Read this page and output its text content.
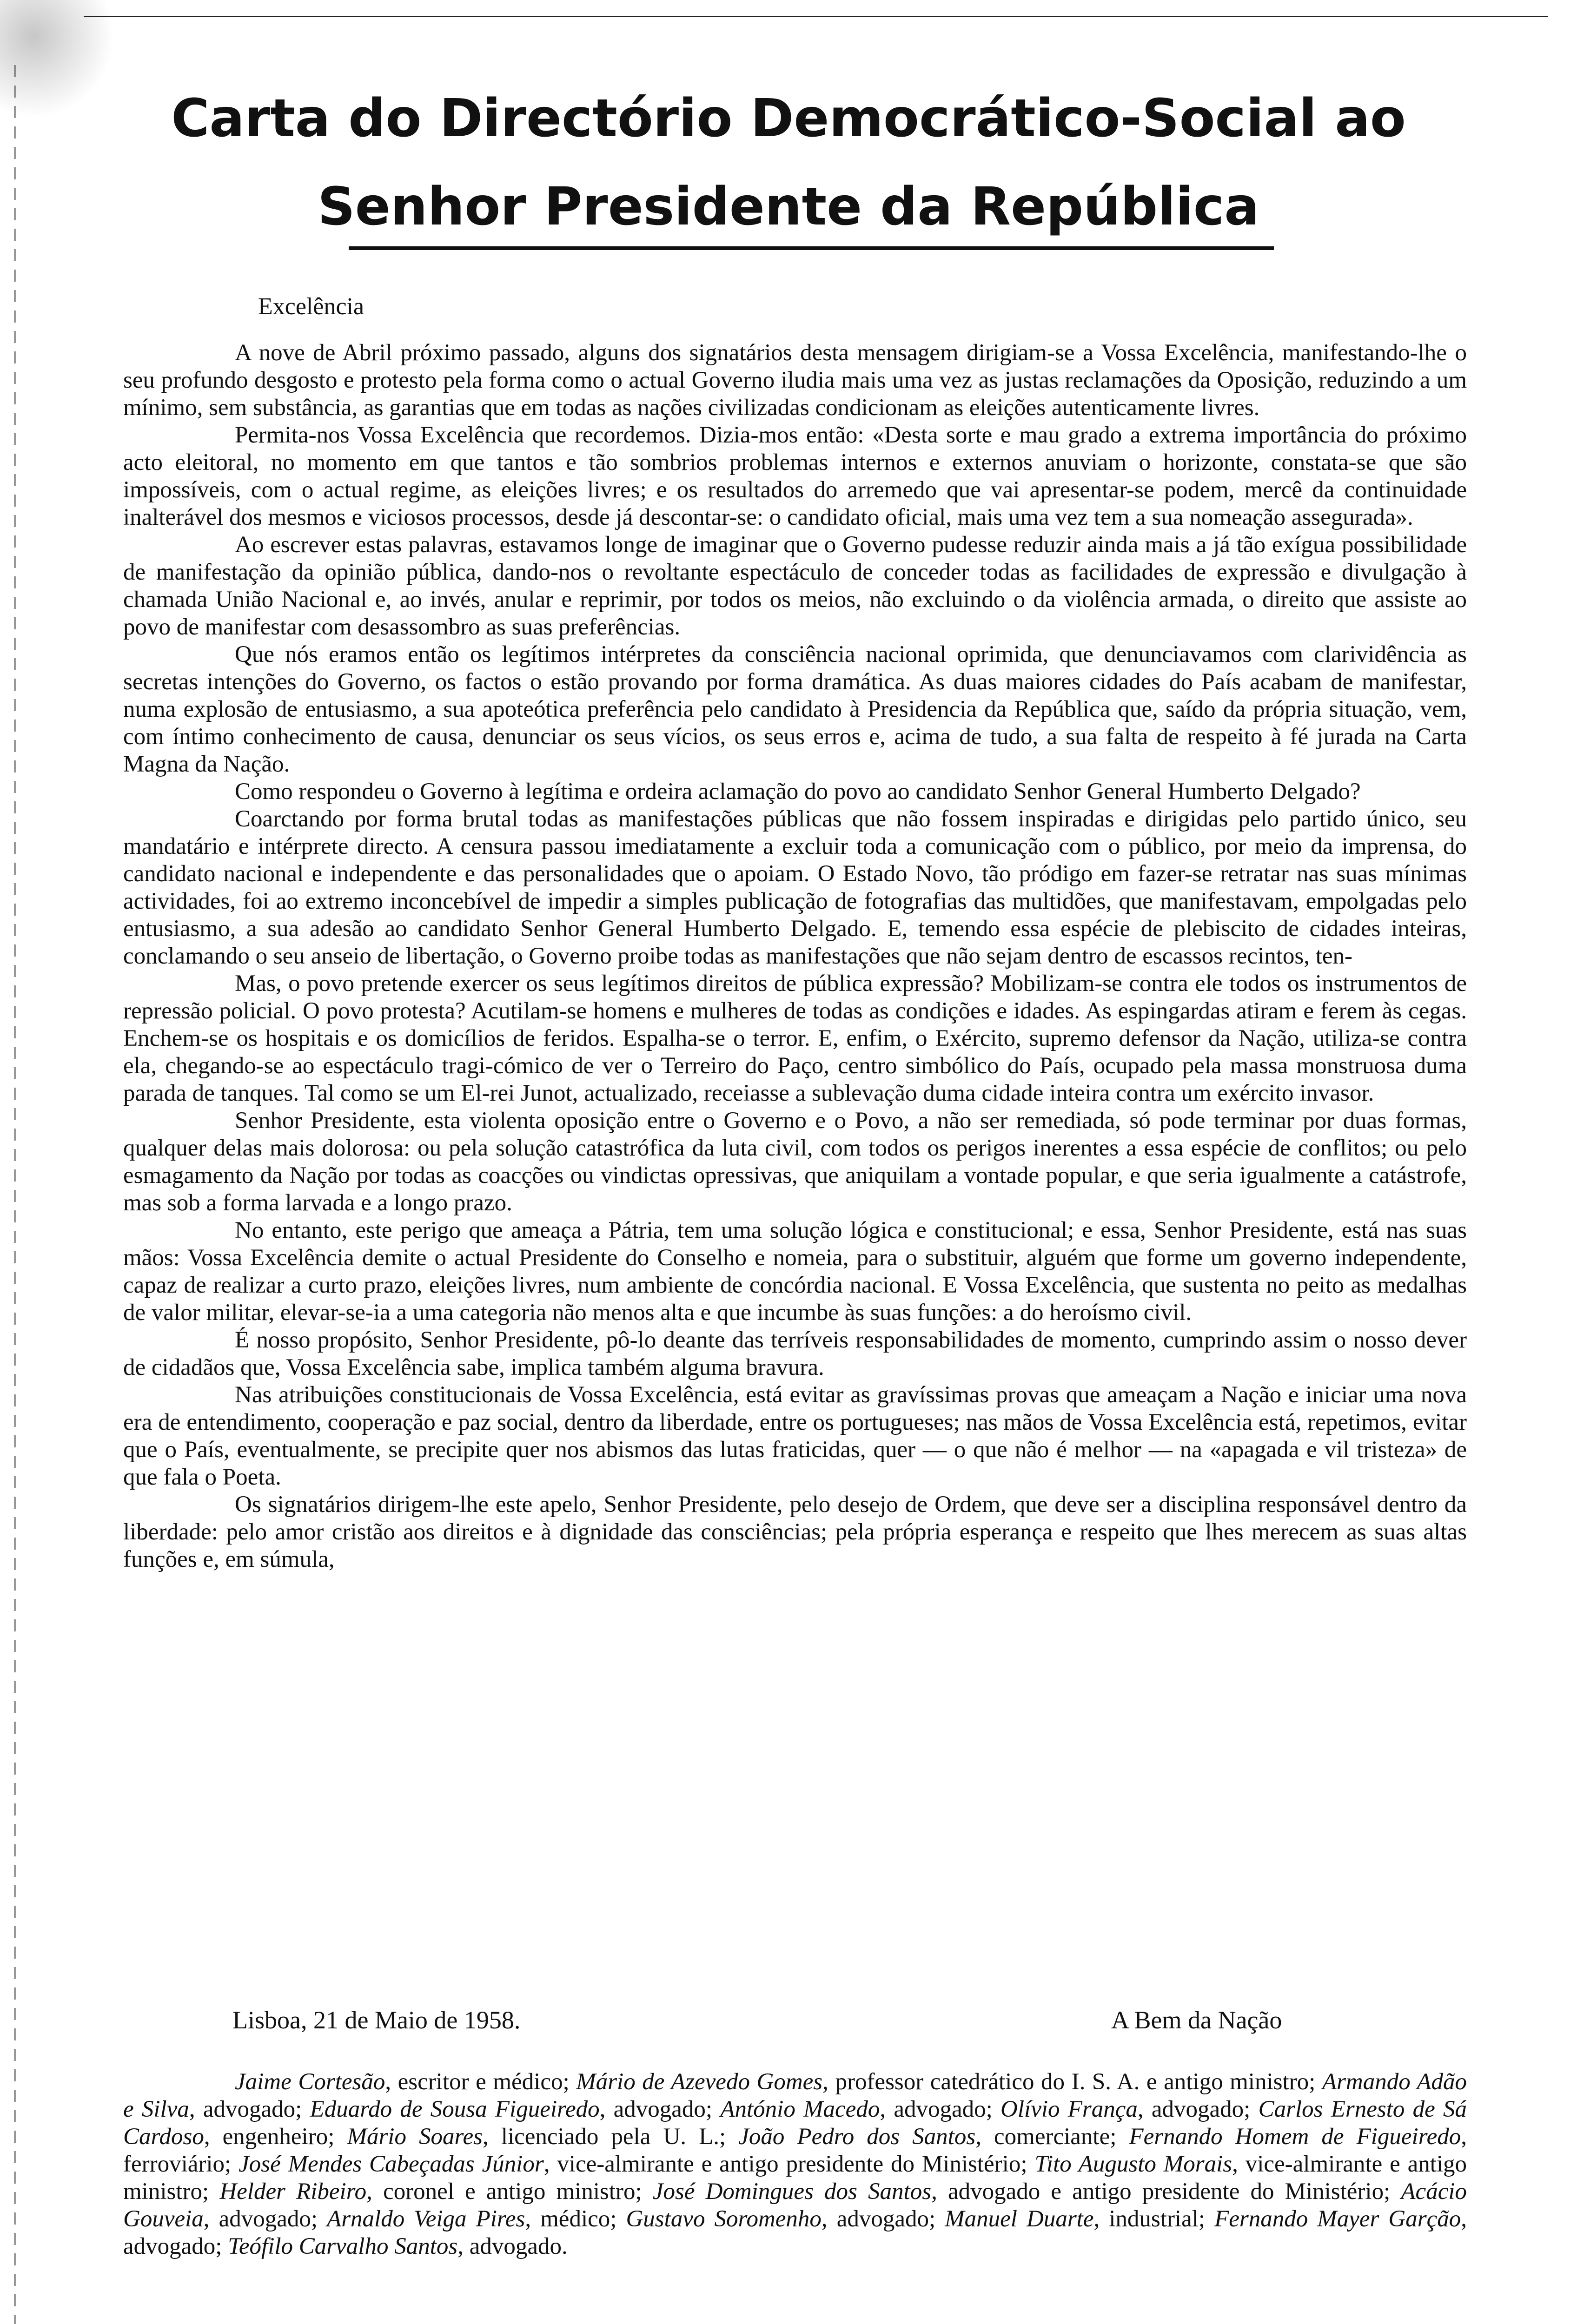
Carta do Directório Democrático-Social ao
Senhor Presidente da República
Excelência

A nove de Abril próximo passado, alguns dos signatários desta mensagem dirigiam-se a Vossa Excelência, manifestando-lhe o seu profundo desgosto e protesto pela forma como o actual Governo iludia mais uma vez as justas reclamações da Oposição, reduzindo a um mínimo, sem substância, as garantias que em todas as nações civilizadas condicionam as eleições autenticamente livres.

Permita-nos Vossa Excelência que recordemos. Dizia-mos então: «Desta sorte e mau grado a extrema importância do próximo acto eleitoral, no momento em que tantos e tão sombrios problemas internos e externos anuviam o horizonte, constata-se que são impossíveis, com o actual regime, as eleições livres; e os resultados do arremedo que vai apresentar-se podem, mercê da continuidade inalterável dos mesmos e viciosos processos, desde já descontar-se: o candidato oficial, mais uma vez tem a sua nomeação assegurada».

Ao escrever estas palavras, estavamos longe de imaginar que o Governo pudesse reduzir ainda mais a já tão exígua possibilidade de manifestação da opinião pública, dando-nos o revoltante espectáculo de conceder todas as facilidades de expressão e divulgação à chamada União Nacional e, ao invés, anular e reprimir, por todos os meios, não excluindo o da violência armada, o direito que assiste ao povo de manifestar com desassombro as suas preferências.

Que nós eramos então os legítimos intérpretes da consciência nacional oprimida, que denunciavamos com clarividência as secretas intenções do Governo, os factos o estão provando por forma dramática. As duas maiores cidades do País acabam de manifestar, numa explosão de entusiasmo, a sua apoteótica preferência pelo candidato à Presidencia da República que, saído da própria situação, vem, com íntimo conhecimento de causa, denunciar os seus vícios, os seus erros e, acima de tudo, a sua falta de respeito à fé jurada na Carta Magna da Nação.

Como respondeu o Governo à legítima e ordeira aclamação do povo ao candidato Senhor General Humberto Delgado?

Coarctando por forma brutal todas as manifestações públicas que não fossem inspiradas e dirigidas pelo partido único, seu mandatário e intérprete directo. A censura passou imediatamente a excluir toda a comunicação com o público, por meio da imprensa, do candidato nacional e independente e das personalidades que o apoiam. O Estado Novo, tão pródigo em fazer-se retratar nas suas mínimas actividades, foi ao extremo inconcebível de impedir a simples publicação de fotografias das multidões, que manifestavam, empolgadas pelo entusiasmo, a sua adesão ao candidato Senhor General Humberto Delgado. E, temendo essa espécie de plebiscito de cidades inteiras, conclamando o seu anseio de libertação, o Governo proibe todas as manifestações que não sejam dentro de escassos recintos, ten-

Mas, o povo pretende exercer os seus legítimos direitos de pública expressão? Mobilizam-se contra ele todos os instrumentos de repressão policial. O povo protesta? Acutilam-se homens e mulheres de todas as condições e idades. As espingardas atiram e ferem às cegas. Enchem-se os hospitais e os domicílios de feridos. Espalha-se o terror. E, enfim, o Exército, supremo defensor da Nação, utiliza-se contra ela, chegando-se ao espectáculo tragi-cómico de ver o Terreiro do Paço, centro simbólico do País, ocupado pela massa monstruosa duma parada de tanques. Tal como se um El-rei Junot, actualizado, receiasse a sublevação duma cidade inteira contra um exército invasor.

Senhor Presidente, esta violenta oposição entre o Governo e o Povo, a não ser remediada, só pode terminar por duas formas, qualquer delas mais dolorosa: ou pela solução catastrófica da luta civil, com todos os perigos inerentes a essa espécie de conflitos; ou pelo esmagamento da Nação por todas as coacções ou vindictas opressivas, que aniquilam a vontade popular, e que seria igualmente a catástrofe, mas sob a forma larvada e a longo prazo.

No entanto, este perigo que ameaça a Pátria, tem uma solução lógica e constitucional; e essa, Senhor Presidente, está nas suas mãos: Vossa Excelência demite o actual Presidente do Conselho e nomeia, para o substituir, alguém que forme um governo independente, capaz de realizar a curto prazo, eleições livres, num ambiente de concórdia nacional. E Vossa Excelência, que sustenta no peito as medalhas de valor militar, elevar-se-ia a uma categoria não menos alta e que incumbe às suas funções: a do heroísmo civil.

É nosso propósito, Senhor Presidente, pô-lo deante das terríveis responsabilidades de momento, cumprindo assim o nosso dever de cidadãos que, Vossa Excelência sabe, implica também alguma bravura.

Nas atribuições constitucionais de Vossa Excelência, está evitar as gravíssimas provas que ameaçam a Nação e iniciar uma nova era de entendimento, cooperação e paz social, dentro da liberdade, entre os portugueses; nas mãos de Vossa Excelência está, repetimos, evitar que o País, eventualmente, se precipite quer nos abismos das lutas fraticidas, quer — o que não é melhor — na «apagada e vil tristeza» de que fala o Poeta.

Os signatários dirigem-lhe este apelo, Senhor Presidente, pelo desejo de Ordem, que deve ser a disciplina responsável dentro da liberdade: pelo amor cristão aos direitos e à dignidade das consciências; pela própria esperança e respeito que lhes merecem as suas altas funções e, em súmula,

Lisboa, 21 de Maio de 1958.	A Bem da Nação
Jaime Cortesão, escritor e médico; Mário de Azevedo Gomes, professor catedrático do I. S. A. e antigo ministro; Armando Adão e Silva, advogado; Eduardo de Sousa Figueiredo, advogado; António Macedo, advogado; Olívio França, advogado; Carlos Ernesto de Sá Cardoso, engenheiro; Mário Soares, licenciado pela U. L.; João Pedro dos Santos, comerciante; Fernando Homem de Figueiredo, ferroviário; José Mendes Cabeçadas Júnior, vice-almirante e antigo presidente do Ministério; Tito Augusto Morais, vice-almirante e antigo ministro; Helder Ribeiro, coronel e antigo ministro; José Domingues dos Santos, advogado e antigo presidente do Ministério; Acácio Gouveia, advogado; Arnaldo Veiga Pires, médico; Gustavo Soromenho, advogado; Manuel Duarte, industrial; Fernando Mayer Garção, advogado; Teófilo Carvalho Santos, advogado.
